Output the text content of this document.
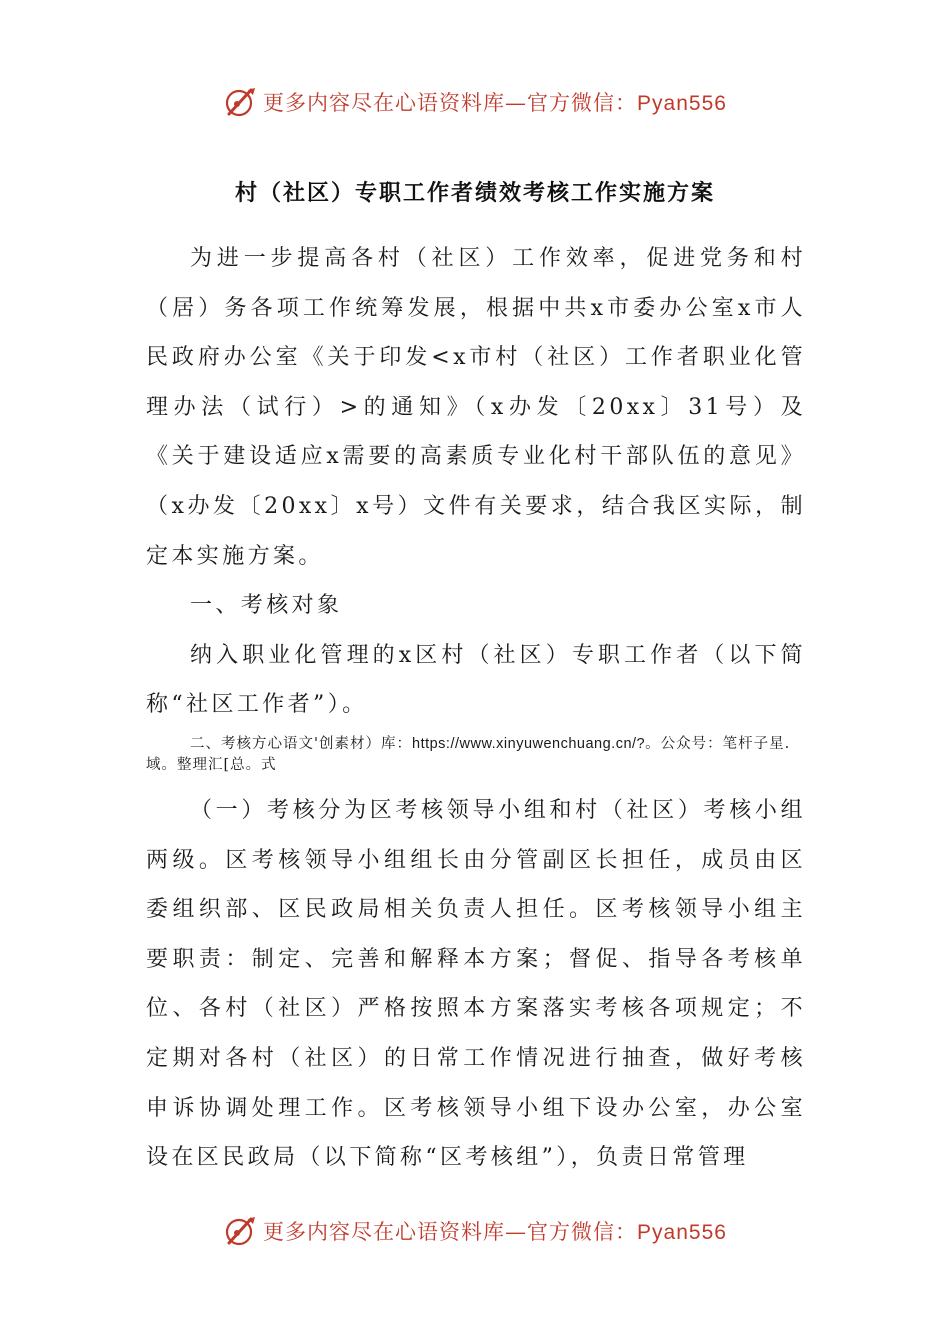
更多内容尽在心语资料库—官方微信：Pyan556
村（社区）专职工作者绩效考核工作实施方案

为进一步提高各村（社区）工作效率，促进党务和村（居）务各项工作统筹发展，根据中共x市委办公室x市人民政府办公室《关于印发<x市村（社区）工作者职业化管理办法（试行）>的通知》（x办发〔20xx〕31号）及《关于建设适应x需要的高素质专业化村干部队伍的意见》（x办发〔20xx〕x号）文件有关要求，结合我区实际，制定本实施方案。

一、考核对象

纳入职业化管理的x区村（社区）专职工作者（以下简称“社区工作者”）。

二、考核方心语文'创素材）库：https://www.xinyuwenchuang.cn/?。公众号：笔杆子星.域。整理汇[总。式

（一）考核分为区考核领导小组和村（社区）考核小组两级。区考核领导小组组长由分管副区长担任，成员由区委组织部、区民政局相关负责人担任。区考核领导小组主要职责：制定、完善和解释本方案；督促、指导各考核单位、各村（社区）严格按照本方案落实考核各项规定；不定期对各村（社区）的日常工作情况进行抽查，做好考核申诉协调处理工作。区考核领导小组下设办公室，办公室设在区民政局（以下简称“区考核组”），负责日常管理

更多内容尽在心语资料库—官方微信：Pyan556
